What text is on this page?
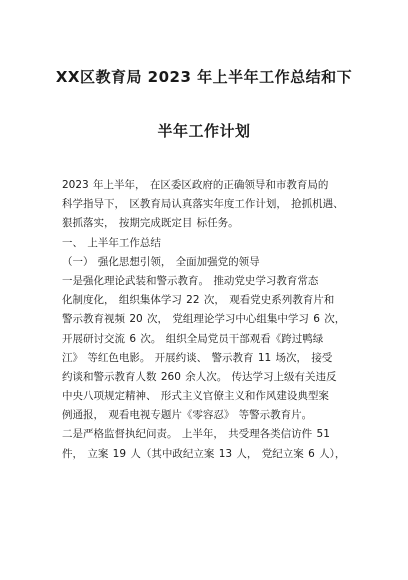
XX区教育局 2023 年上半年工作总结和下
半年工作计划
2023 年上半年， 在区委区政府的正确领导和市教育局的
科学指导下， 区教育局认真落实年度工作计划， 抢抓机遇、
狠抓落实， 按期完成既定目 标任务。
一、 上半年工作总结
（一） 强化思想引领， 全面加强党的领导
一是强化理论武装和警示教育。 推动党史学习教育常态
化制度化， 组织集体学习 22 次， 观看党史系列教育片和
警示教育视频 20 次， 党组理论学习中心组集中学习 6 次，
开展研讨交流 6 次。 组织全局党员干部观看《跨过鸭绿
江》 等红色电影。 开展约谈、 警示教育 11 场次， 接受
约谈和警示教育人数 260 余人次。 传达学习上级有关违反
中央八项规定精神、 形式主义官僚主义和作风建设典型案
例通报， 观看电视专题片《零容忍》 等警示教育片。
二是严格监督执纪问责。 上半年， 共受理各类信访件 51
件， 立案 19 人（其中政纪立案 13 人， 党纪立案 6 人），
